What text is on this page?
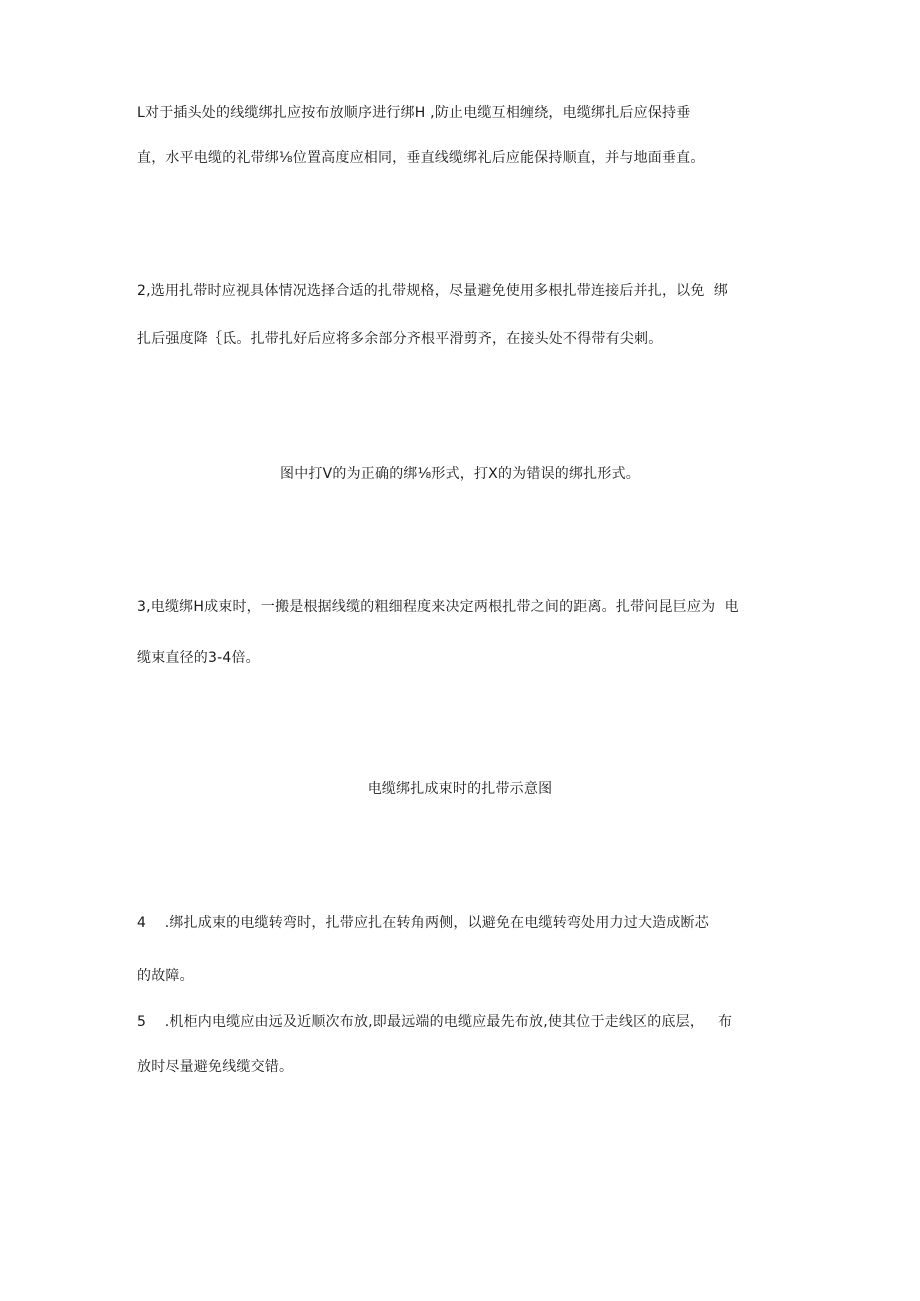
L对于插头处的线缆绑扎应按布放顺序进行绑H ,防止电缆互相缠绕，电缆绑扎后应保持垂
直，水平电缆的礼带绑⅛位置高度应相同，垂直线缆绑礼后应能保持顺直，并与地面垂直。
2,选用扎带时应视具体情况选择合适的扎带规格，尽量避免使用多根扎带连接后并扎，以免  绑
扎后强度降｛氐。扎带扎好后应将多余部分齐根平滑剪齐，在接头处不得带有尖刺。
图中打V的为正确的绑⅛形式，打X的为错误的绑扎形式。
3,电缆绑H成束时，一搬是根据线缆的粗细程度来决定两根扎带之间的距离。扎带问昆巨应为  电
缆束直径的3-4倍。
电缆绑扎成束时的扎带示意图
4    .绑扎成束的电缆转弯时，扎带应扎在转角两侧，以避免在电缆转弯处用力过大造成断芯
的故障。
5    .机柜内电缆应由远及近顺次布放,即最远端的电缆应最先布放,使其位于走线区的底层，   布
放时尽量避免线缆交错。
